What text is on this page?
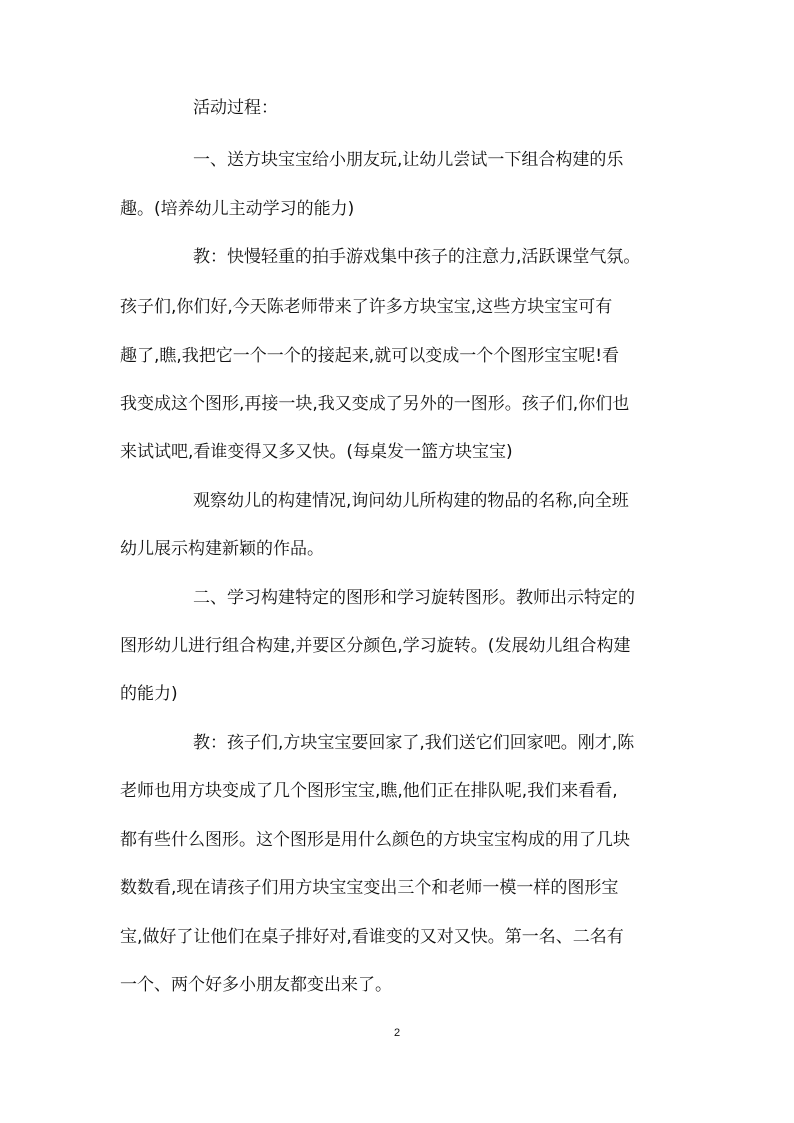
活动过程：
一、送方块宝宝给小朋友玩,让幼儿尝试一下组合构建的乐
趣。(培养幼儿主动学习的能力)
教：快慢轻重的拍手游戏集中孩子的注意力,活跃课堂气氛。
孩子们,你们好,今天陈老师带来了许多方块宝宝,这些方块宝宝可有
趣了,瞧,我把它一个一个的接起来,就可以变成一个个图形宝宝呢!看
我变成这个图形,再接一块,我又变成了另外的一图形。孩子们,你们也
来试试吧,看谁变得又多又快。(每桌发一篮方块宝宝)
观察幼儿的构建情况,询问幼儿所构建的物品的名称,向全班
幼儿展示构建新颖的作品。
二、学习构建特定的图形和学习旋转图形。教师出示特定的
图形幼儿进行组合构建,并要区分颜色,学习旋转。(发展幼儿组合构建
的能力)
教：孩子们,方块宝宝要回家了,我们送它们回家吧。刚才,陈
老师也用方块变成了几个图形宝宝,瞧,他们正在排队呢,我们来看看,
都有些什么图形。这个图形是用什么颜色的方块宝宝构成的用了几块
数数看,现在请孩子们用方块宝宝变出三个和老师一模一样的图形宝
宝,做好了让他们在桌子排好对,看谁变的又对又快。第一名、二名有
一个、两个好多小朋友都变出来了。
2
